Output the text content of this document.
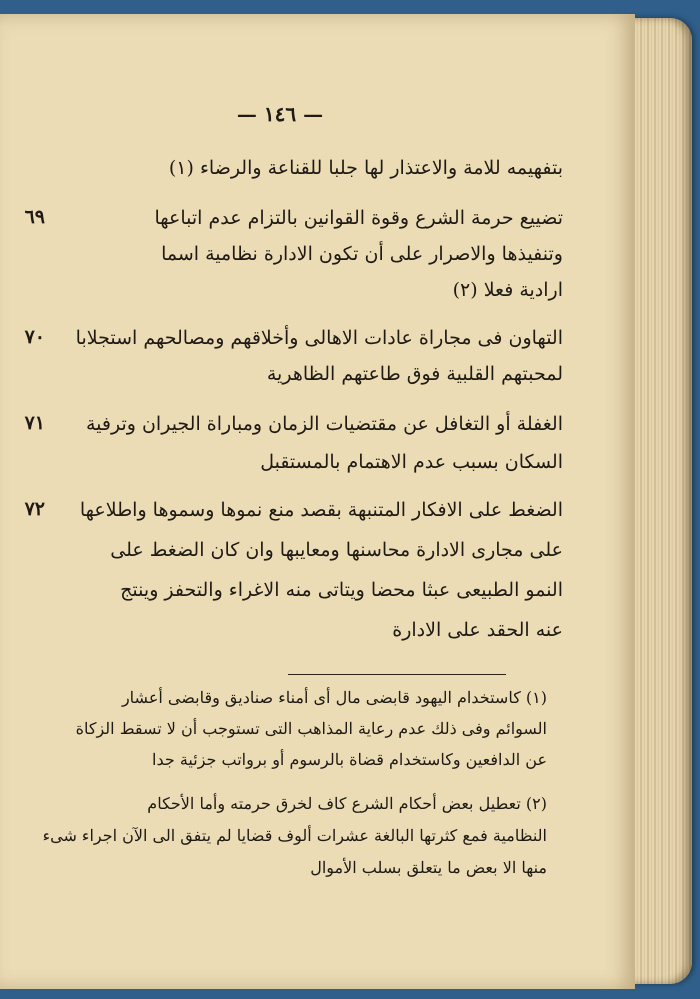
— ١٤٦ —
بتفهيمه للامة والاعتذار لها جلبا للقناعة والرضاء (١)
٦٩	تضييع حرمة الشرع وقوة القوانين بالتزام عدم اتباعها
وتنفيذها والاصرار على أن تكون الادارة نظامية اسما
ارادية فعلا (٢)
٧٠ التهاون فى مجاراة عادات الاهالى وأخلاقهم ومصالحهم استجلابا
لمحبتهم القلبية فوق طاعتهم الظاهرية
٧١ الغفلة أو التغافل عن مقتضيات الزمان ومباراة الجيران وترفية
السكان بسبب عدم الاهتمام بالمستقبل
٧٢ الضغط على الافكار المتنبهة بقصد منع نموها وسموها واطلاعها
على مجارى الادارة محاسنها ومعايبها وان كان الضغط على
النمو الطبيعى عبثا محضا ويتاتى منه الاغراء والتحفز وينتج
عنه الحقد على الادارة
(١) كاستخدام اليهود قابضى مال أى أمناء صناديق وقابضى أعشار
السوائم وفى ذلك عدم رعاية المذاهب التى تستوجب أن لا تسقط الزكاة
عن الدافعين وكاستخدام قضاة بالرسوم أو برواتب جزئية جدا
(٢) تعطيل بعض أحكام الشرع كاف لخرق حرمته وأما الأحكام
النظامية فمع كثرتها البالغة عشرات ألوف قضايا لم يتفق الى الآن اجراء شىء
منها الا بعض ما يتعلق بسلب الأموال
